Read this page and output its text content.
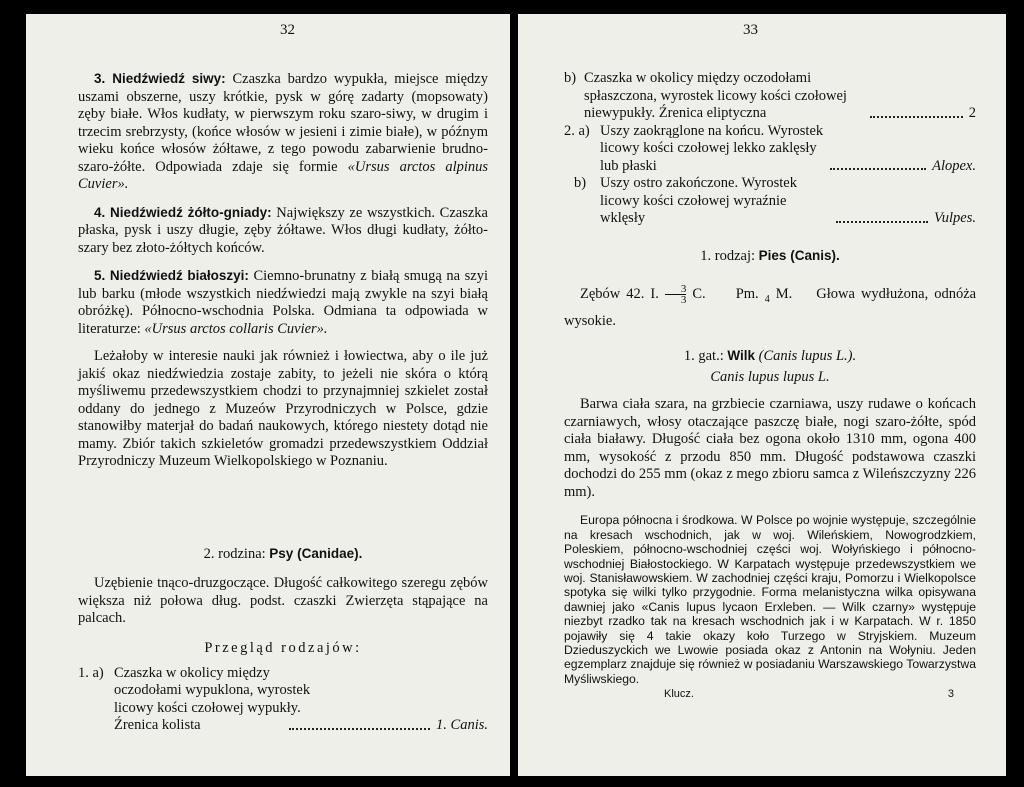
32

3. Niedźwiedź siwy: Czaszka bardzo wypukła, miejsce między uszami obszerne, uszy krótkie, pysk w górę zadarty (mopsowaty) zęby białe. Włos kudłaty, w pierwszym roku szaro-siwy, w drugim i trzecim srebrzysty, (końce włosów w jesieni i zimie białe), w późnym wieku końce włosów żółtawe, z tego powodu zabarwienie brudno-szaro-żółte. Odpowiada zdaje się formie «Ursus arctos alpinus Cuvier».

4. Niedźwiedź żółto-gniady: Największy ze wszystkich. Czaszka płaska, pysk i uszy długie, zęby żółtawe. Włos długi kudłaty, żółto-szary bez złoto-żółtych końców.

5. Niedźwiedź białoszyi: Ciemno-brunatny z białą smugą na szyi lub barku (młode wszystkich niedźwiedzi mają zwykle na szyi białą obróżkę). Północno-wschodnia Polska. Odmiana ta odpowiada w literaturze: «Ursus arctos collaris Cuvier».

Leżałoby w interesie nauki jak również i łowiectwa, aby o ile już jakiś okaz niedźwiedzia zostaje zabity, to jeżeli nie skóra o którą myśliwemu przedewszystkiem chodzi to przynajmniej szkielet został oddany do jednego z Muzeów Przyrodniczych w Polsce, gdzie stanowiłby materjał do badań naukowych, którego niestety dotąd nie mamy. Zbiór takich szkieletów gromadzi przedewszystkiem Oddział Przyrodniczy Muzeum Wielkopolskiego w Poznaniu.

2. rodzina: Psy (Canidae).

Uzębienie tnąco-druzgoczące. Długość całkowitego szeregu zębów większa niż połowa dług. podst. czaszki Zwierzęta stąpające na palcach.

Przegląd rodzajów:

1. a) Czaszka w okolicy między oczodołami wypuklona, wyrostek licowy kości czołowej wypukły. Źrenica kolista	1. Canis.
33
b) Czaszka w okolicy między oczodołami spłaszczona, wyrostek licowy kości czołowej niewypukły. Źrenica eliptyczna	2
2. a) Uszy zaokrąglone na końcu. Wyrostek licowy kości czołowej lekko zaklęsły lub płaski	Alopex.
b) Uszy ostro zakończone. Wyrostek licowy kości czołowej wyraźnie wklęsły	Vulpes.

1. rodzaj: Pies (Canis).

Zębów 42. I. $\frac{3}{3} C$. Pm. $_4$ M. Głowa wydłużona, odnóża wysokie.

1. gat.: Wilk (Canis lupus L.).

Canis lupus lupus L.

Barwa ciała szara, na grzbiecie czarniawa, uszy rudawe o końcach czarniawych, włosy otaczające paszczę białe, nogi szaro-żółte, spód ciała białawy. Długość ciała bez ogona około 1310 mm, ogona 400 mm, wysokość z przodu 850 mm. Długość podstawowa czaszki dochodzi do 255 mm (okaz z mego zbioru samca z Wileńszczyzny 226 mm).

Europa północna i środkowa. W Polsce po wojnie występuje, szczególnie na kresach wschodnich, jak w woj. Wileńskiem, Nowogrodzkiem, Poleskiem, północno-wschodniej części woj. Wołyńskiego i północno-wschodniej Białostockiego. W Karpatach występuje przedewszystkiem we woj. Stanisławowskiem. W zachodniej części kraju, Pomorzu i Wielkopolsce spotyka się wilki tylko przygodnie. Forma melanistyczna wilka opisywana dawniej jako «Canis lupus lycaon Erxleben. — Wilk czarny» występuje niezbyt rzadko tak na kresach wschodnich jak i w Karpatach. W r. 1850 pojawiły się 4 takie okazy koło Turzego w Stryjskiem. Muzeum Dzieduszyckich we Lwowie posiada okaz z Antonin na Wołyniu. Jeden egzemplarz znajduje się również w posiadaniu Warszawskiego Towarzystwa Myśliwskiego.

Klucz.	3
